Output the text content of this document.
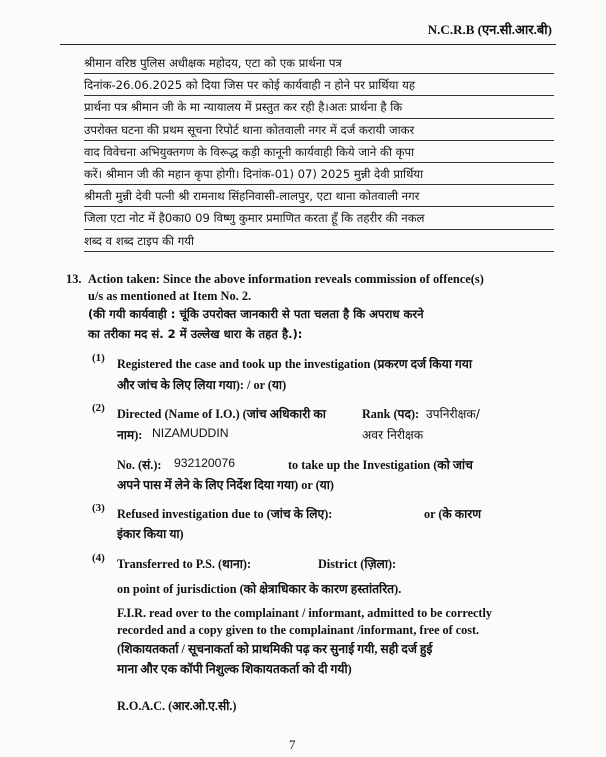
N.C.R.B (एन.सी.आर.बी)
श्रीमान वरिष्ठ पुलिस अधीक्षक महोदय, एटा को एक प्रार्थना पत्र
दिनांक-26.06.2025 को दिया जिस पर कोई कार्यवाही न होने पर प्रार्थिया यह
प्रार्थना पत्र श्रीमान जी के मा न्यायालय में प्रस्तुत कर रही है।अतः प्रार्थना है कि
उपरोक्त घटना की प्रथम सूचना रिपोर्ट थाना कोतवाली नगर में दर्ज करायी जाकर
वाद विवेचना अभियुक्तगण के विरूद्ध कड़ी कानूनी कार्यवाही किये जाने की कृपा
करें। श्रीमान जी की महान कृपा होगी। दिनांक-01) 07) 2025 मुन्नी देवी प्रार्थिया
श्रीमती मुन्नी देवी पत्नी श्री रामनाथ सिंहनिवासी-लालपुर, एटा थाना कोतवाली नगर
जिला एटा नोट में है0का0 09 विष्णु कुमार प्रमाणित करता हूँ कि तहरीर की नकल
शब्द व शब्द टाइप की गयी
13. Action taken: Since the above information reveals commission of offence(s)
u/s as mentioned at Item No. 2.
(की गयी कार्यवाही : चूंकि उपरोक्त जानकारी से पता चलता है कि अपराध करने
का तरीका मद सं. 2 में उल्लेख धारा के तहत है.):
(1) Registered the case and took up the investigation (प्रकरण दर्ज किया गया
और जांच के लिए लिया गया): / or (या)
(2) Directed (Name of I.O.) (जांच अधिकारी का	Rank (पद): उपनिरीक्षक/
नाम): NIZAMUDDIN	अवर निरीक्षक
No. (सं.): 932120076	to take up the Investigation (को जांच
अपने पास में लेने के लिए निर्देश दिया गया) or (या)
(3) Refused investigation due to (जांच के लिए):	or (के कारण
इंकार किया या)
(4) Transferred to P.S. (थाना):	District (ज़िला):
on point of jurisdiction (को क्षेत्राधिकार के कारण हस्तांतरित).
F.I.R. read over to the complainant / informant, admitted to be correctly
recorded and a copy given to the complainant /informant, free of cost.
(शिकायतकर्ता / सूचनाकर्ता को प्राथमिकी पढ़ कर सुनाई गयी, सही दर्ज हुई
माना और एक कॉपी निशुल्क शिकायतकर्ता को दी गयी)
R.O.A.C. (आर.ओ.ए.सी.)
7
